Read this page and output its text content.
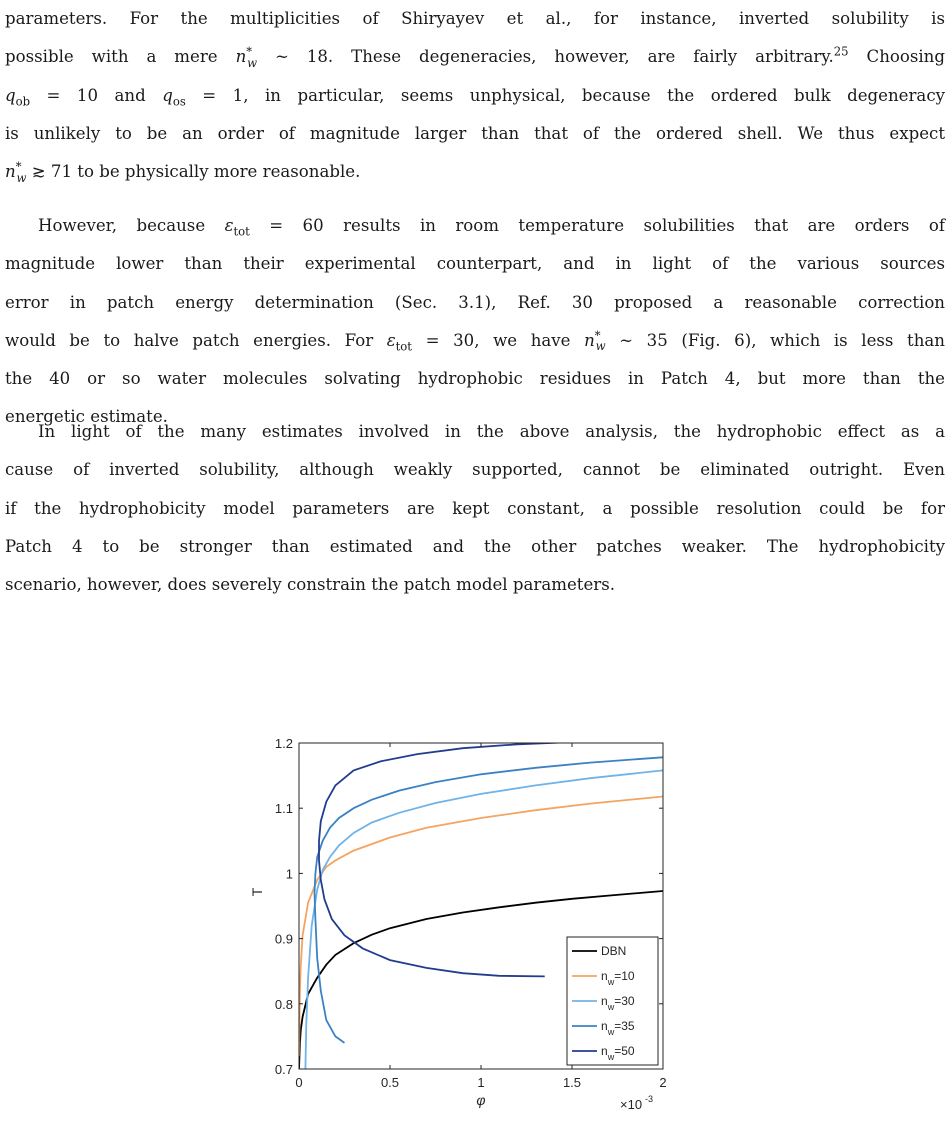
parameters. For the multiplicities of Shiryayev et al., for instance, inverted solubility is
possible with a mere $n^*_w$ ∼ 18. These degeneracies, however, are fairly arbitrary.$^{25}$ Choosing
$q_{ob} = 10$ and $q_{os} = 1$, in particular, seems unphysical, because the ordered bulk degeneracy
is unlikely to be an order of magnitude larger than that of the ordered shell. We thus expect
$n^*_w$ ≳ 71 to be physically more reasonable.
However, because $\varepsilon_{tot} = 60$ results in room temperature solubilities that are orders of
magnitude lower than their experimental counterpart, and in light of the various sources
error in patch energy determination (Sec. 3.1), Ref. 30 proposed a reasonable correction
would be to halve patch energies. For $\varepsilon_{tot} = 30$, we have $n^*_w$ ∼ 35 (Fig. 6), which is less than
the 40 or so water molecules solvating hydrophobic residues in Patch 4, but more than the
energetic estimate.
In light of the many estimates involved in the above analysis, the hydrophobic effect as a
cause of inverted solubility, although weakly supported, cannot be eliminated outright. Even
if the hydrophobicity model parameters are kept constant, a possible resolution could be for
Patch 4 to be stronger than estimated and the other patches weaker. The hydrophobicity
scenario, however, does severely constrain the patch model parameters.
0	0.5	1	1.5	2
0.7
0.8
0.9
1
1.1
1.2
φ
T
×10 -3
DBN
$n_w=10$
$n_w=30$
$n_w=35$
$n_w=50$
